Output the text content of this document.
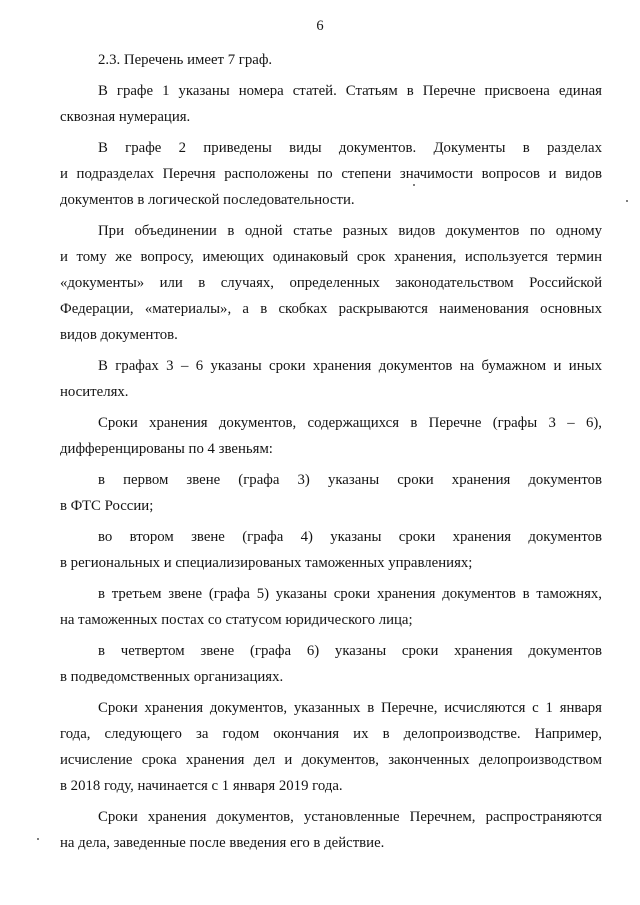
6
2.3. Перечень имеет 7 граф.
В графе 1 указаны номера статей. Статьям в Перечне присвоена единая
сквозная нумерация.
В графе 2 приведены виды документов. Документы в разделах
и подразделах Перечня расположены по степени значимости вопросов и видов
документов в логической последовательности.
При объединении в одной статье разных видов документов по одному
и тому же вопросу, имеющих одинаковый срок хранения, используется термин
«документы» или в случаях, определенных законодательством Российской
Федерации, «материалы», а в скобках раскрываются наименования основных
видов документов.
В графах 3 – 6 указаны сроки хранения документов на бумажном и иных
носителях.
Сроки хранения документов, содержащихся в Перечне (графы 3 – 6),
дифференцированы по 4 звеньям:
в первом звене (графа 3) указаны сроки хранения документов
в ФТС России;
во втором звене (графа 4) указаны сроки хранения документов
в региональных и специализированых таможенных управлениях;
в третьем звене (графа 5) указаны сроки хранения документов в таможнях,
на таможенных постах со статусом юридического лица;
в четвертом звене (графа 6) указаны сроки хранения документов
в подведомственных организациях.
Сроки хранения документов, указанных в Перечне, исчисляются с 1 января
года, следующего за годом окончания их в делопроизводстве. Например,
исчисление срока хранения дел и документов, законченных делопроизводством
в 2018 году, начинается с 1 января 2019 года.
Сроки хранения документов, установленные Перечнем, распространяются
на дела, заведенные после введения его в действие.
